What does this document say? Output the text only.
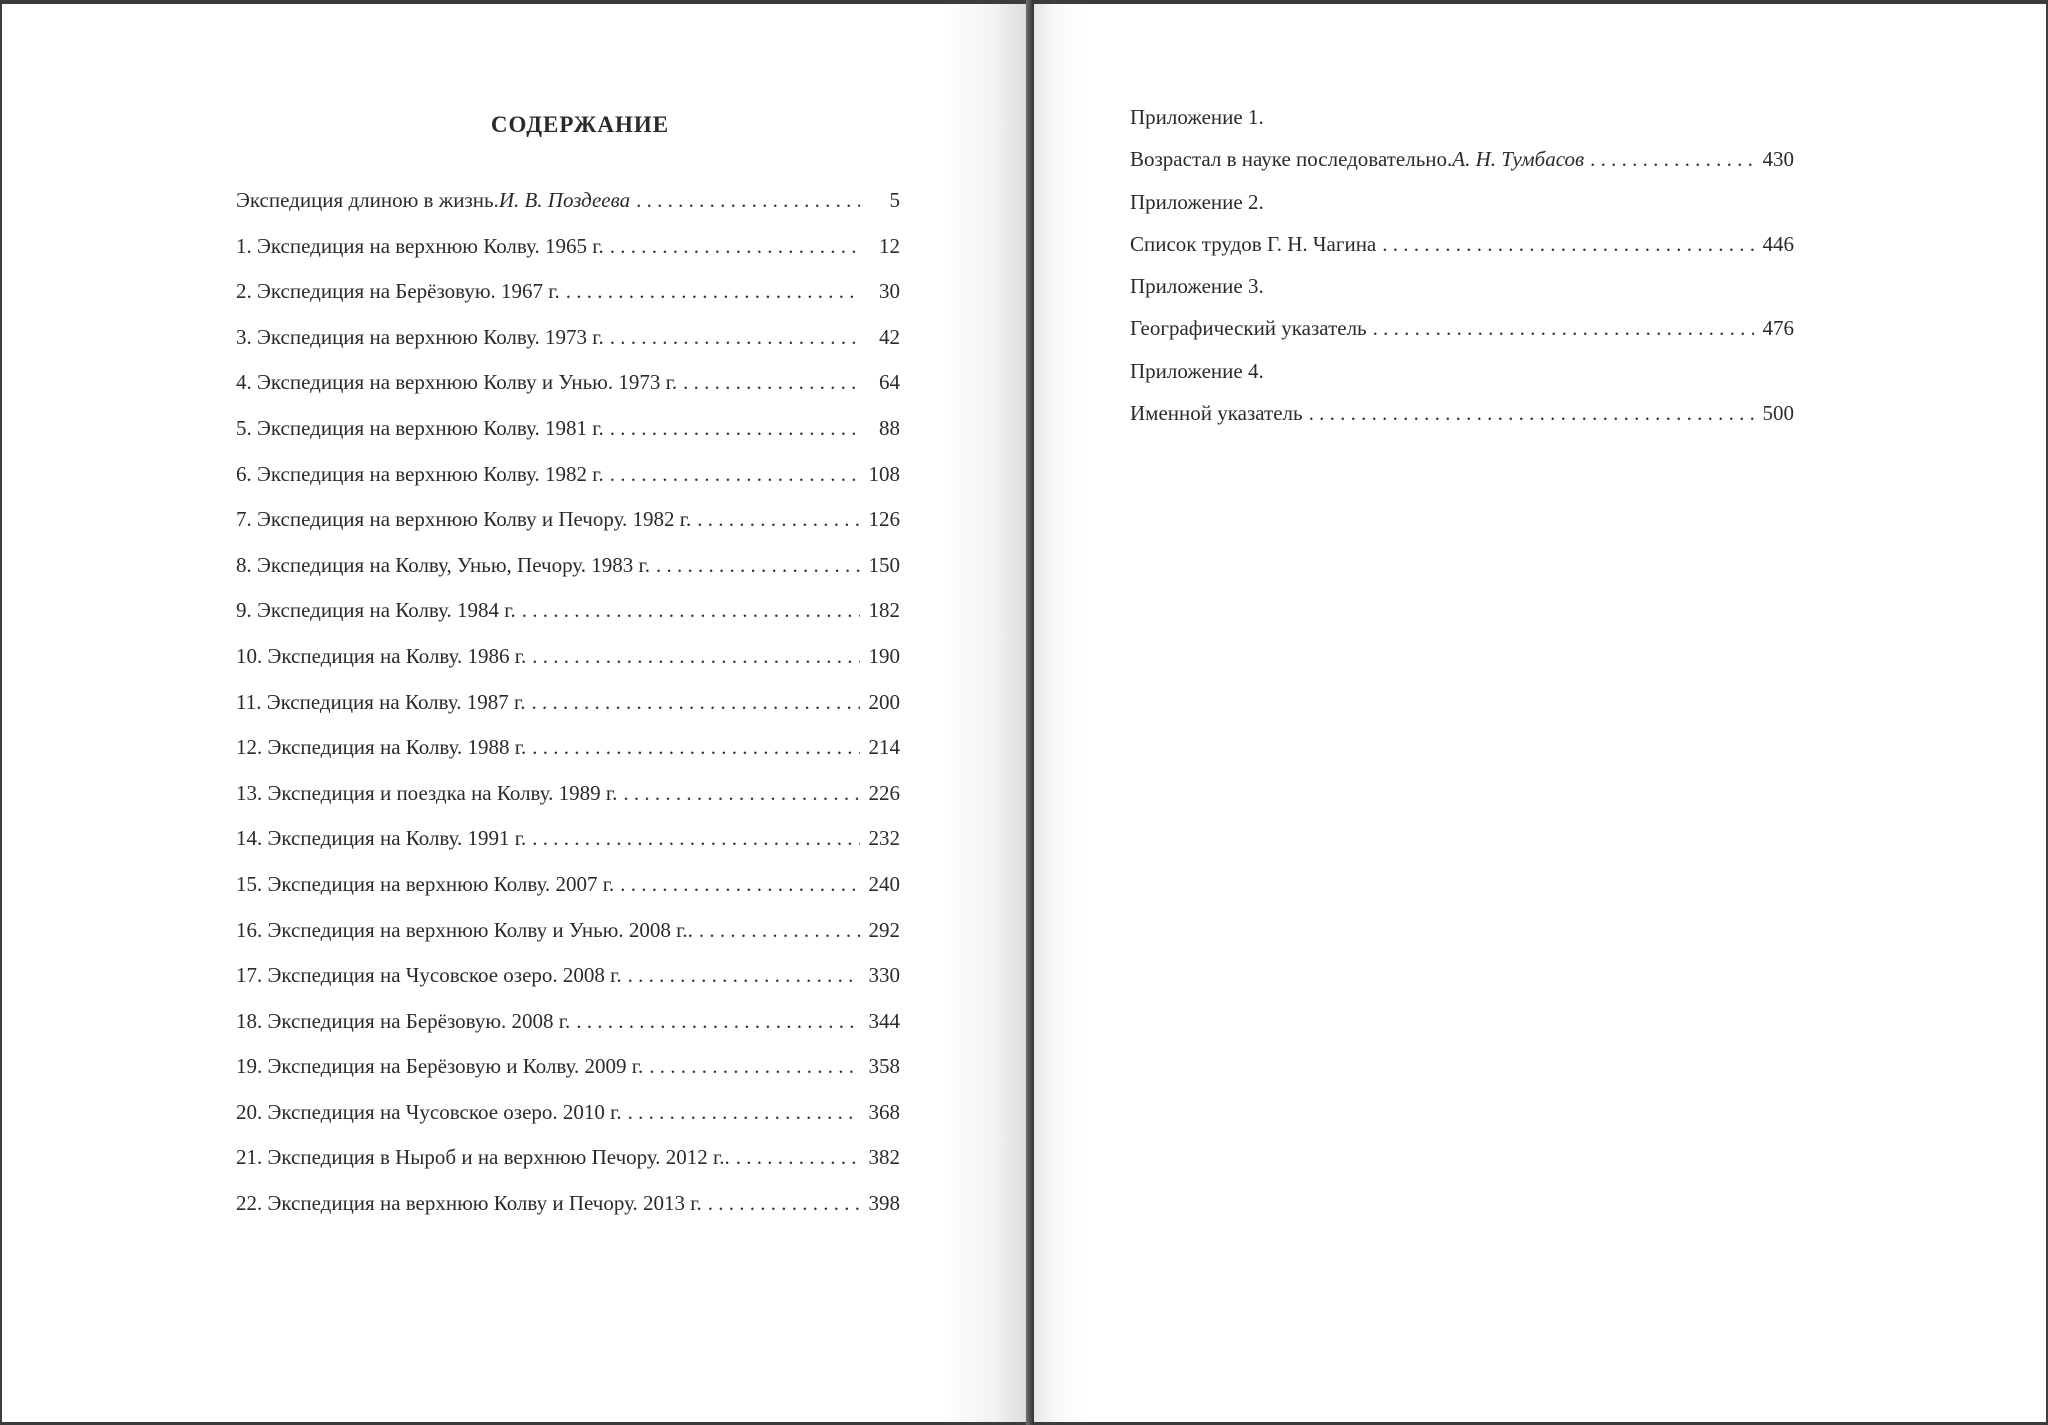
СОДЕРЖАНИЕ
Экспедиция длиною в жизнь. И. В. Поздеева . . .	5
1. Экспедиция на верхнюю Колву. 1965 г. . . .	12
2. Экспедиция на Берёзовую. 1967 г. . . .	30
3. Экспедиция на верхнюю Колву. 1973 г. . . .	42
4. Экспедиция на верхнюю Колву и Унью. 1973 г. . . .	64
5. Экспедиция на верхнюю Колву. 1981 г. . . .	88
6. Экспедиция на верхнюю Колву. 1982 г. . . .	108
7. Экспедиция на верхнюю Колву и Печору. 1982 г. . . .	126
8. Экспедиция на Колву, Унью, Печору. 1983 г. . . .	150
9. Экспедиция на Колву. 1984 г. . . .	182
10. Экспедиция на Колву. 1986 г. . . .	190
11. Экспедиция на Колву. 1987 г. . . .	200
12. Экспедиция на Колву. 1988 г. . . .	214
13. Экспедиция и поездка на Колву. 1989 г. . . .	226
14. Экспедиция на Колву. 1991 г. . . .	232
15. Экспедиция на верхнюю Колву. 2007 г. . . .	240
16. Экспедиция на верхнюю Колву и Унью. 2008 г.. . . .	292
17. Экспедиция на Чусовское озеро. 2008 г. . . .	330
18. Экспедиция на Берёзовую. 2008 г. . . .	344
19. Экспедиция на Берёзовую и Колву. 2009 г. . . .	358
20. Экспедиция на Чусовское озеро. 2010 г. . . .	368
21. Экспедиция в Ныроб и на верхнюю Печору. 2012 г.. . . .	382
22. Экспедиция на верхнюю Колву и Печору. 2013 г. . . .	398
Приложение 1.
Возрастал в науке последовательно. А. Н. Тумбасов . . .	430
Приложение 2.
Список трудов Г. Н. Чагина . . .	446
Приложение 3.
Географический указатель . . .	476
Приложение 4.
Именной указатель . . .	500
